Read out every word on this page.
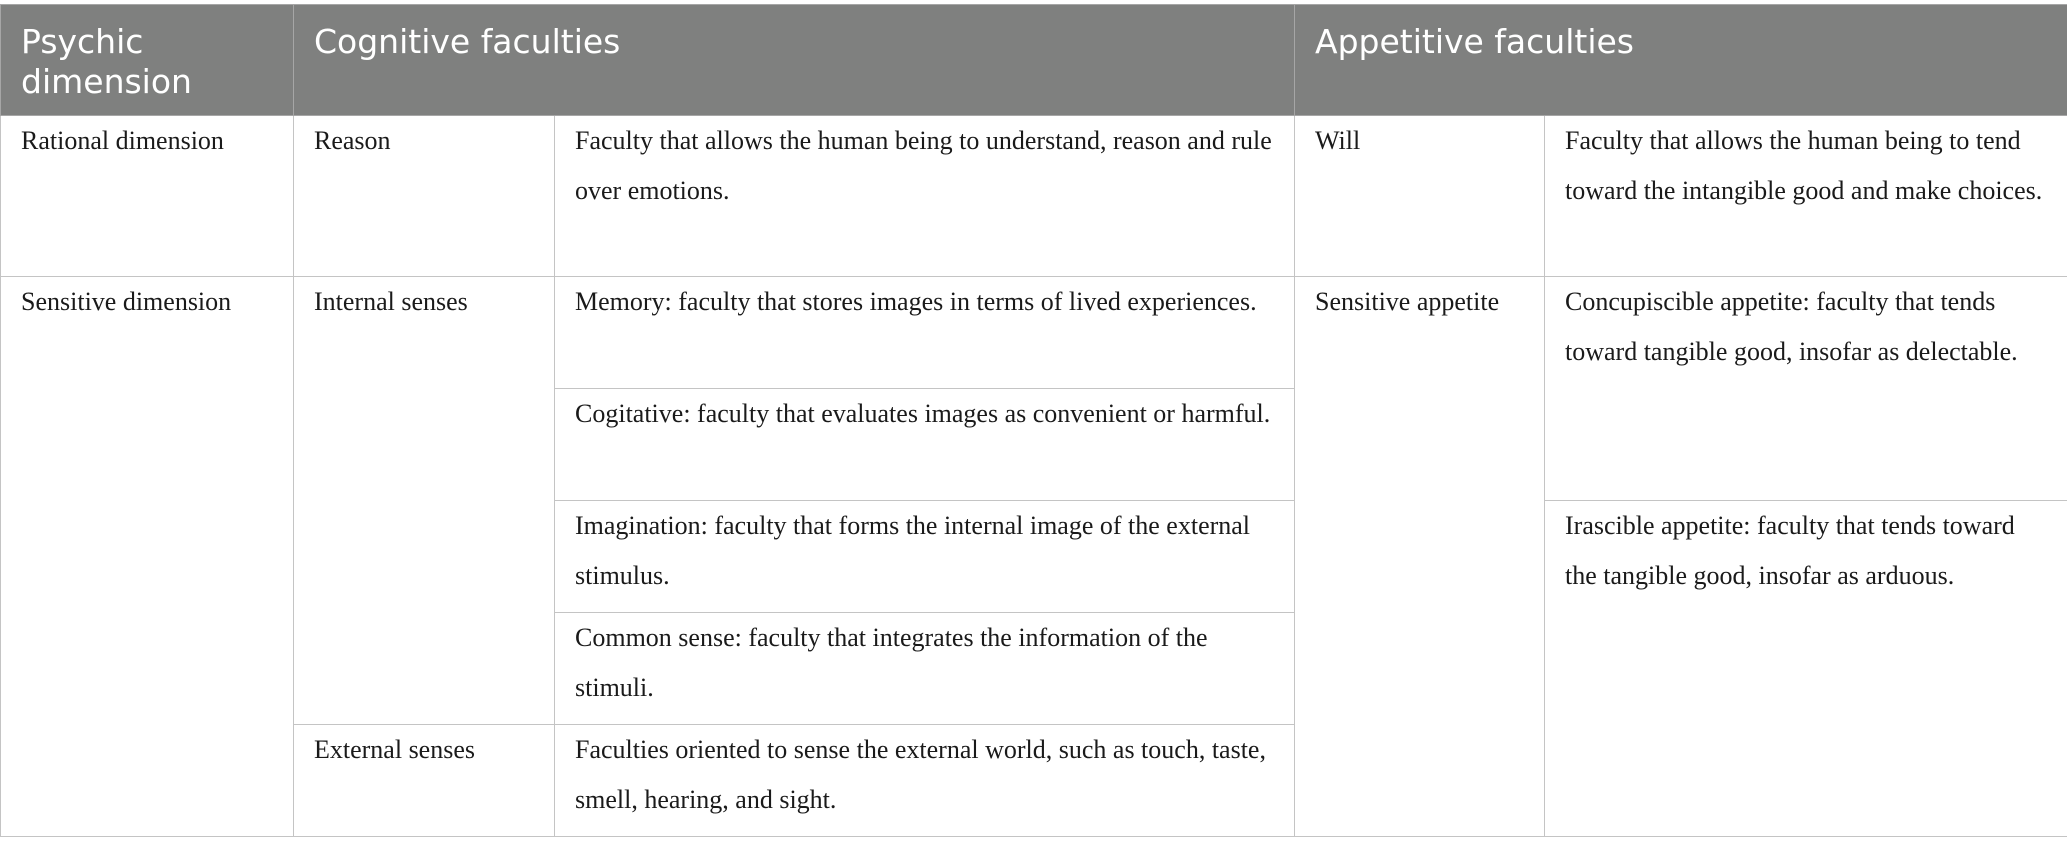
Psychic dimension	Cognitive faculties		Appetitive faculties	
Rational dimension	Reason	Faculty that allows the human being to understand, reason and rule over emotions.	Will	Faculty that allows the human being to tend toward the intangible good and make choices.
Sensitive dimension	Internal senses	Memory: faculty that stores images in terms of lived experiences.	Sensitive appetite	Concupiscible appetite: faculty that tends toward tangible good, insofar as delectable.
		Cogitative: faculty that evaluates images as convenient or harmful.		
		Imagination: faculty that forms the internal image of the external stimulus.		Irascible appetite: faculty that tends toward the tangible good, insofar as arduous.
		Common sense: faculty that integrates the information of the stimuli.		
	External senses	Faculties oriented to sense the external world, such as touch, taste, smell, hearing, and sight.		
